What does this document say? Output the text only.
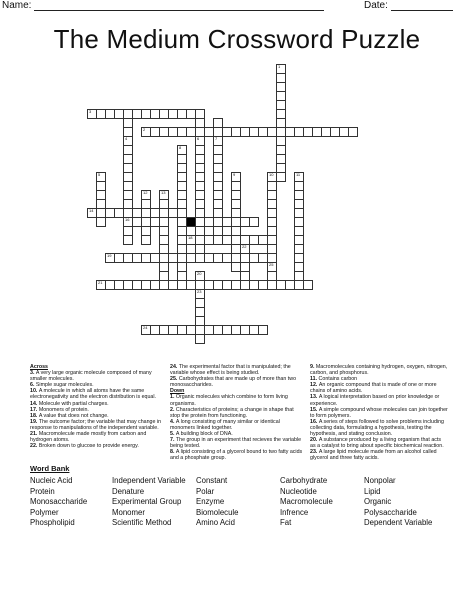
Name:	Date:
The Medium Crossword Puzzle
3
2
14
16
18
19
21
24
1
4	6	7
8
5	9	10
25
11
22
20
23
13
12
Across
3. A very large organic molecule composed of many smaller molecules.
6. Simple sugar molecules.
10. A molecule in which all atoms have the same electronegativity and the electron distribution is equal.
14. Molecule with partial charges.
17. Monomers of protein.
18. A value that does not change.
19. The outcome factor; the variable that may change in response to manipulations of the independent variable.
21. Macromolecule made mostly from carbon and hydrogen atoms.
22. Broken down to glucose to provide energy.
24. The experimental factor that is manipulated; the variable whose effect is being studied.
25. Carbohydrates that are made up of more than two monosaccharides.
Down
1. Organic molecules which combine to form living organisms.
2. Characteristics of proteins; a change in shape that stop the protein from functioning.
4. A long consisting of many similar or identical monomers linked together.
5. A building block of DNA.
7. The group in an experiment that recieves the variable being tested.
8. A lipid consisting of a glycerol bound to two fatty acids and a phosphate group.
9. Macromolecules containing hydrogen, oxygen, nitrogen, carbon, and phosphorus.
11. Contains carbon
12. An organic compound that is made of one or more chains of amino acids.
13. A logical interpretation based on prior knowledge or experience.
15. A simple compound whose molecules can join together to form polymers.
16. A series of steps followed to solve problems including collecting data, formulating a hypothesis, testing the hypothesis, and stating conclusion.
20. A substance produced by a living organism that acts as a catalyst to bring about specific biochemical reaction.
23. A large lipid molecule made from an alcohol called glycerol and three fatty acids.
Word Bank
Nucleic Acid
Protein
Monosaccharide
Polymer
Phospholipid
Independent Variable
Denature
Experimental Group
Monomer
Scientific Method
Constant
Polar
Enzyme
Biomolecule
Amino Acid
Carbohydrate
Nucleotide
Macromolecule
Infrence
Fat
Nonpolar
Lipid
Organic
Polysaccharide
Dependent Variable
